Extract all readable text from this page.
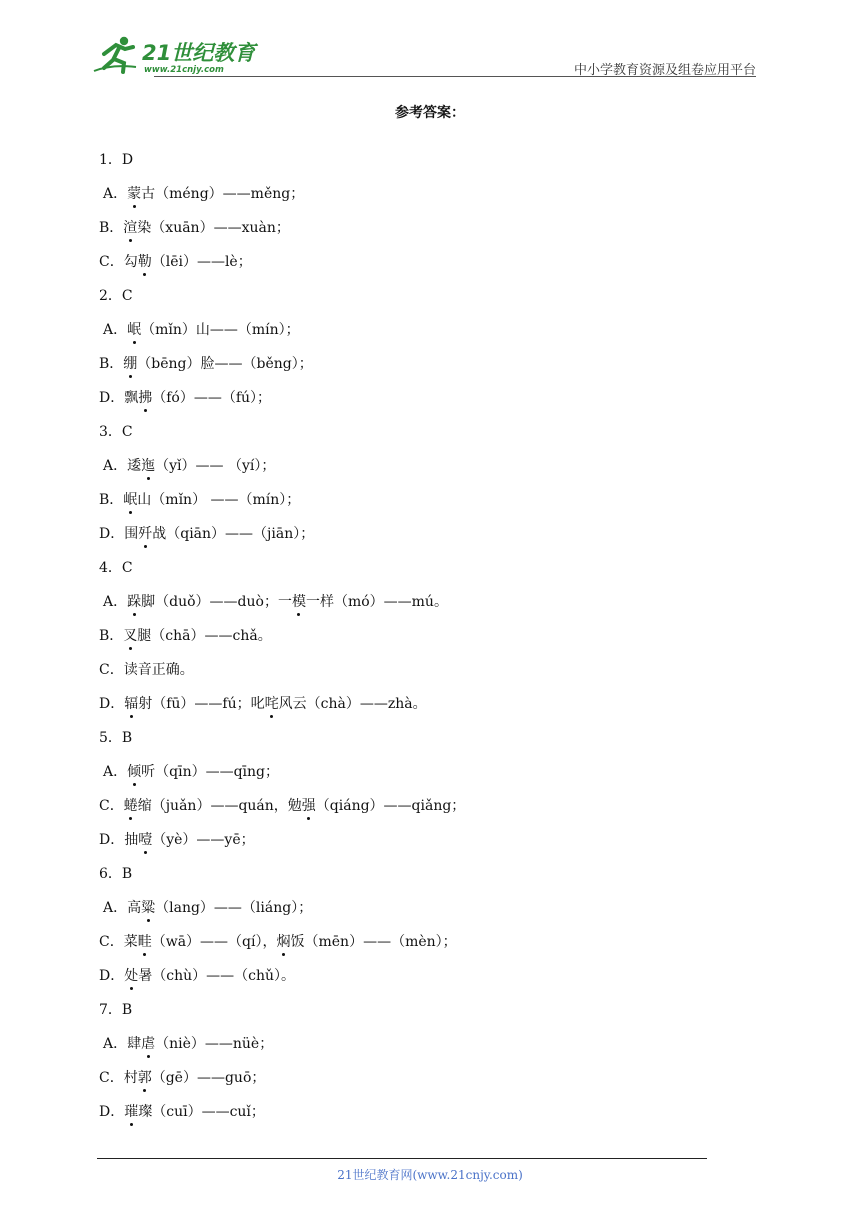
21世纪教育
www.21cnjy.com	中小学教育资源及组卷应用平台
参考答案：
1．D
A．蒙古（méng）——měng；
B．渲染（xuān）——xuàn；
C．勾勒（lēi）——lè；
2．C
A．岷（mǐn）山——（mín）；
B．绷（bēng）脸——（běng）；
D．飘拂（fó）——（fú）；
3．C
A．逶迤（yǐ）—— （yí）；
B．岷山（mǐn） ——（mín）；
D．围歼战（qiān）——（jiān）；
4．C
A．跺脚（duǒ）——duò；一模一样（mó）——mú。
B．叉腿（chā）——chǎ。
C．读音正确。
D．辐射（fū）——fú；叱咤风云（chà）——zhà。
5．B
A．倾听（qīn）——qīng；
C．蜷缩（juǎn）——quán，勉强（qiáng）——qiǎng；
D．抽噎（yè）——yē；
6．B
A．高粱（lang）——（liáng）；
C．菜畦（wā）——（qí），焖饭（mēn）——（mèn）；
D．处暑（chù）——（chǔ）。
7．B
A．肆虐（niè）——nüè；
C．村郭（gē）——guō；
D．璀璨（cuī）——cuǐ；
21世纪教育网(www.21cnjy.com)
